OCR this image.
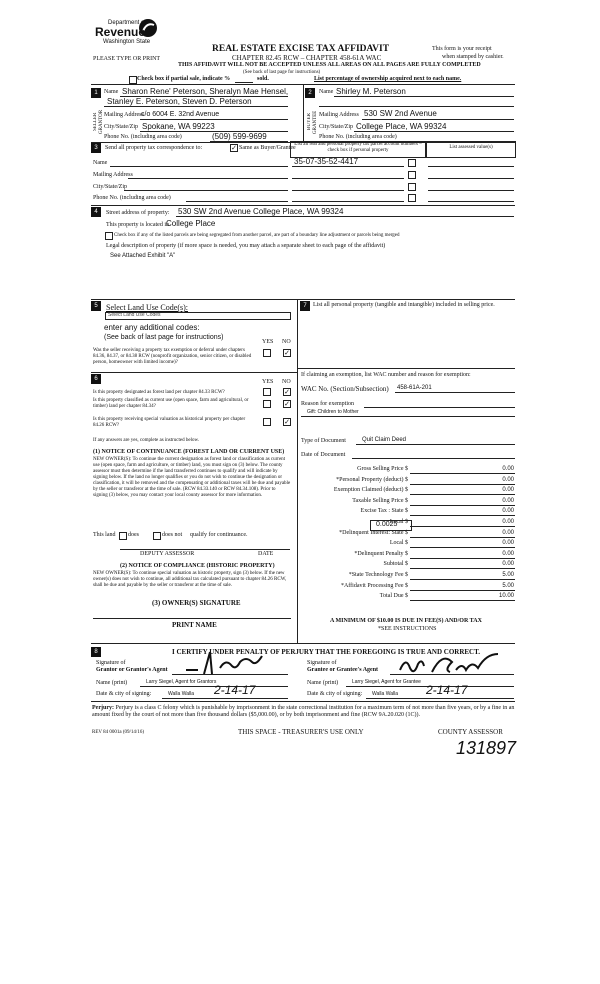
Department of
Revenue
Washington State
REAL ESTATE EXCISE TAX AFFIDAVIT
CHAPTER 82.45 RCW – CHAPTER 458-61A WAC
THIS AFFIDAVIT WILL NOT BE ACCEPTED UNLESS ALL AREAS ON ALL PAGES ARE FULLY COMPLETED
(See back of last page for instructions)
PLEASE TYPE OR PRINT
This form is your receipt
when stamped by cashier.
Check box if partial sale, indicate %	sold.	List percentage of ownership acquired next to each name.
1
SELLER GRANTOR
Name Sharon Rene' Peterson, Sheralyn Mae Hensel,
Stanley E. Peterson, Steven D. Peterson
Mailing Address
c/o 6004 E. 32nd Avenue
City/State/Zip Spokane, WA 99223
Phone No. (including area code)	(509) 599-9699
2
BUYER GRANTEE
Name Shirley M. Peterson
Mailing Address 530 SW 2nd Avenue
City/State/Zip College Place, WA 99324
Phone No. (including area code)
3	Send all property tax correspondence to:	✓ Same as Buyer/Grantee
Name
Mailing Address
City/State/Zip
Phone No. (including area code)
List all real and personal property tax parcel account numbers – check box if personal property
List assessed value(s)
35-07-35-52-4417
4	Street address of property: 530 SW 2nd Avenue College Place, WA 99324
This property is located in
College Place
Check box if any of the listed parcels are being segregated from another parcel, are part of a boundary line adjustment or parcels being merged
Legal description of property (if more space is needed, you may attach a separate sheet to each page of the affidavit)
See Attached Exhibit "A"
5	Select Land Use Code(s):
Select Land Use Codes
enter any additional codes:
(See back of last page for instructions)
YES NO
Was the seller receiving a property tax exemption or deferral under chapters 84.36, 84.37, or 84.38 RCW (nonprofit organization, senior citizen, or disabled person, homeowner with limited income)?
✓
6	YES NO
Is this property designated as forest land per chapter 84.33 RCW?	✓
Is this property classified as current use (open space, farm and agricultural, or timber) land per chapter 84.34?	✓
Is this property receiving special valuation as historical property per chapter 84.26 RCW?	✓
If any answers are yes, complete as instructed below.
(1) NOTICE OF CONTINUANCE (FOREST LAND OR CURRENT USE)
NEW OWNER(S): To continue the current designation as forest land or classification as current use (open space, farm and agriculture, or timber) land, you must sign on (3) below. The county assessor must then determine if the land transferred continues to qualify and will indicate by signing below. If the land no longer qualifies or you do not wish to continue the designation or classification, it will be removed and the compensating or additional taxes will be due and payable by the seller or transferor at the time of sale. (RCW 84.33.140 or RCW 84.34.108). Prior to signing (3) below, you may contact your local county assessor for more information.
This land does	does not qualify for continuance.
DEPUTY ASSESSOR	DATE
(2) NOTICE OF COMPLIANCE (HISTORIC PROPERTY)
NEW OWNER(S): To continue special valuation as historic property, sign (3) below. If the new owner(s) does not wish to continue, all additional tax calculated pursuant to chapter 84.26 RCW, shall be due and payable by the seller or transferor at the time of sale.
(3) OWNER(S) SIGNATURE
PRINT NAME
7	List all personal property (tangible and intangible) included in selling price.
If claiming an exemption, list WAC number and reason for exemption:
WAC No. (Section/Subsection) 458-61A-201
Reason for exemption
Gift: Children to Mother
Type of Document	Quit Claim Deed
Date of Document
Gross Selling Price $	0.00
*Personal Property (deduct) $	0.00
Exemption Claimed (deduct) $	0.00
Taxable Selling Price $	0.00
Excise Tax : State $	0.00
Local $	0.00
*Delinquent Interest: State $	0.00
Local $	0.00
*Delinquent Penalty $	0.00
Subtotal $	0.00
*State Technology Fee $	5.00
*Affidavit Processing Fee $	5.00
Total Due $	10.00
0.0025
A MINIMUM OF $10.00 IS DUE IN FEE(S) AND/OR TAX
*SEE INSTRUCTIONS
8	I CERTIFY UNDER PENALTY OF PERJURY THAT THE FOREGOING IS TRUE AND CORRECT.
Signature of
Grantor or Grantor's Agent
Name (print)	Larry Siegel, Agent for Grantors
Date & city of signing:	Walla Walla 2-14-17
Signature of
Grantee or Grantee's Agent
Name (print)	Larry Siegel, Agent for Grantee
Date & city of signing: Walla Walla 2-14-17
Perjury: Perjury is a class C felony which is punishable by imprisonment in the state correctional institution for a maximum term of not more than five years, or by a fine in an amount fixed by the court of not more than five thousand dollars ($5,000.00), or by both imprisonment and fine (RCW 9A.20.020 (1C)).
REV 84 0001a (09/14/16)	THIS SPACE - TREASURER'S USE ONLY	COUNTY ASSESSOR
131897
